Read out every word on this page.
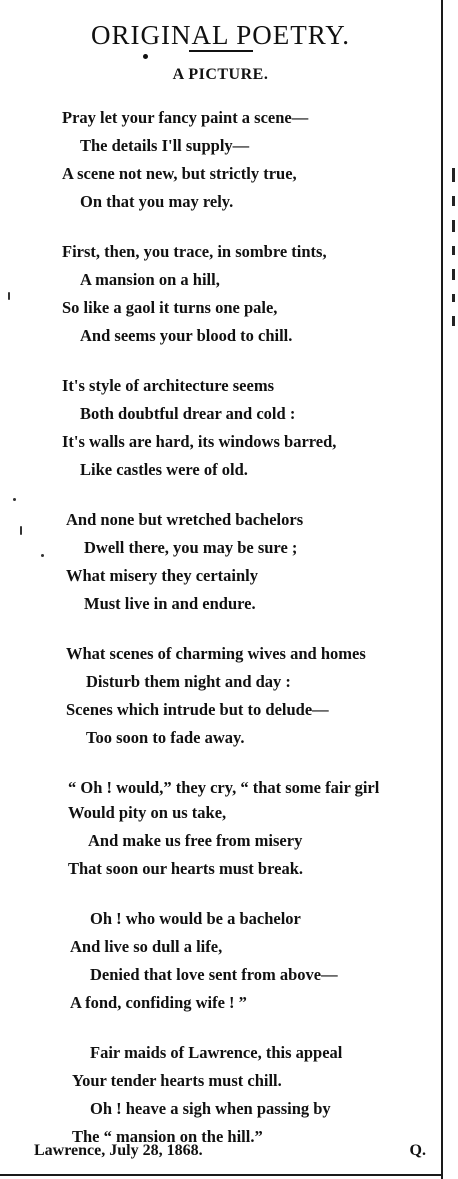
ORIGINAL POETRY.
A PICTURE.
Pray let your fancy paint a scene—
The details I'll supply—
A scene not new, but strictly true,
On that you may rely.
First, then, you trace, in sombre tints,
A mansion on a hill,
So like a gaol it turns one pale,
And seems your blood to chill.
It's style of architecture seems
Both doubtful drear and cold :
It's walls are hard, its windows barred,
Like castles were of old.
And none but wretched bachelors
Dwell there, you may be sure ;
What misery they certainly
Must live in and endure.
What scenes of charming wives and homes
Disturb them night and day :
Scenes which intrude but to delude—
Too soon to fade away.
“ Oh ! would,” they cry, “ that some fair girl
Would pity on us take,
And make us free from misery
That soon our hearts must break.
Oh ! who would be a bachelor
And live so dull a life,
Denied that love sent from above—
A fond, confiding wife ! ”
Fair maids of Lawrence, this appeal
Your tender hearts must chill.
Oh ! heave a sigh when passing by
The “ mansion on the hill.”
Lawrence, July 28, 1868.	Q.
